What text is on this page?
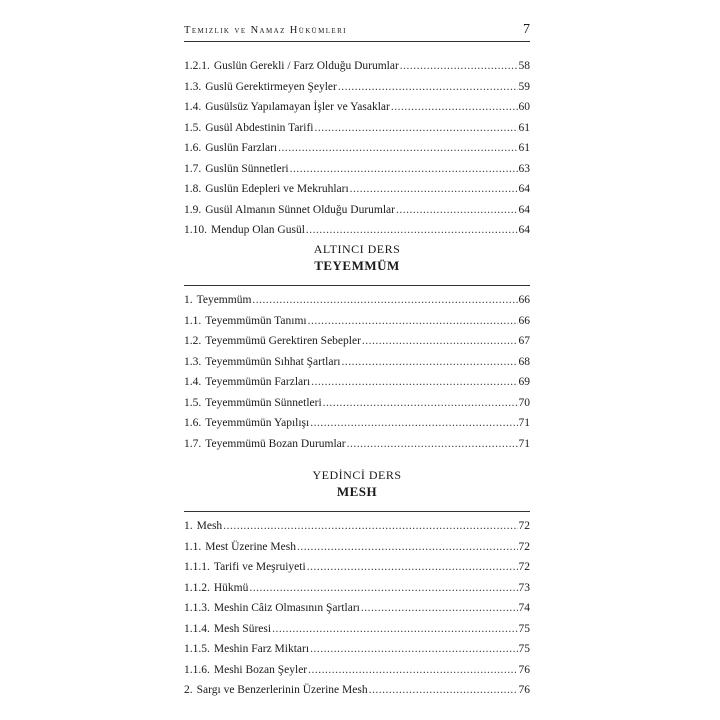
Temizlik ve Namaz Hükümleri	7
1.2.1. Guslün Gerekli / Farz Olduğu Durumlar .....	58
1.3. Guslü Gerektirmeyen Şeyler .....	59
1.4. Gusülsüz Yapılamayan İşler ve Yasaklar .....	60
1.5. Gusül Abdestinin Tarifi .....	61
1.6. Guslün Farzları .....	61
1.7. Guslün Sünnetleri .....	63
1.8. Guslün Edepleri ve Mekruhları .....	64
1.9. Gusül Almanın Sünnet Olduğu Durumlar .....	64
1.10. Mendup Olan Gusül .....	64
ALTINCI DERS
TEYEMMÜM
1. Teyemmüm .....	66
1.1. Teyemmümün Tanımı .....	66
1.2. Teyemmümü Gerektiren Sebepler .....	67
1.3. Teyemmümün Sıhhat Şartları .....	68
1.4. Teyemmümün Farzları .....	69
1.5. Teyemmümün Sünnetleri .....	70
1.6. Teyemmümün Yapılışı .....	71
1.7. Teyemmümü Bozan Durumlar .....	71
YEDİNCİ DERS
MESH
1. Mesh .....	72
1.1. Mest Üzerine Mesh .....	72
1.1.1. Tarifi ve Meşruiyeti .....	72
1.1.2. Hükmü .....	73
1.1.3. Meshin Câiz Olmasının Şartları .....	74
1.1.4. Mesh Süresi .....	75
1.1.5. Meshin Farz Miktarı .....	75
1.1.6. Meshi Bozan Şeyler .....	76
2. Sargı ve Benzerlerinin Üzerine Mesh .....	76
